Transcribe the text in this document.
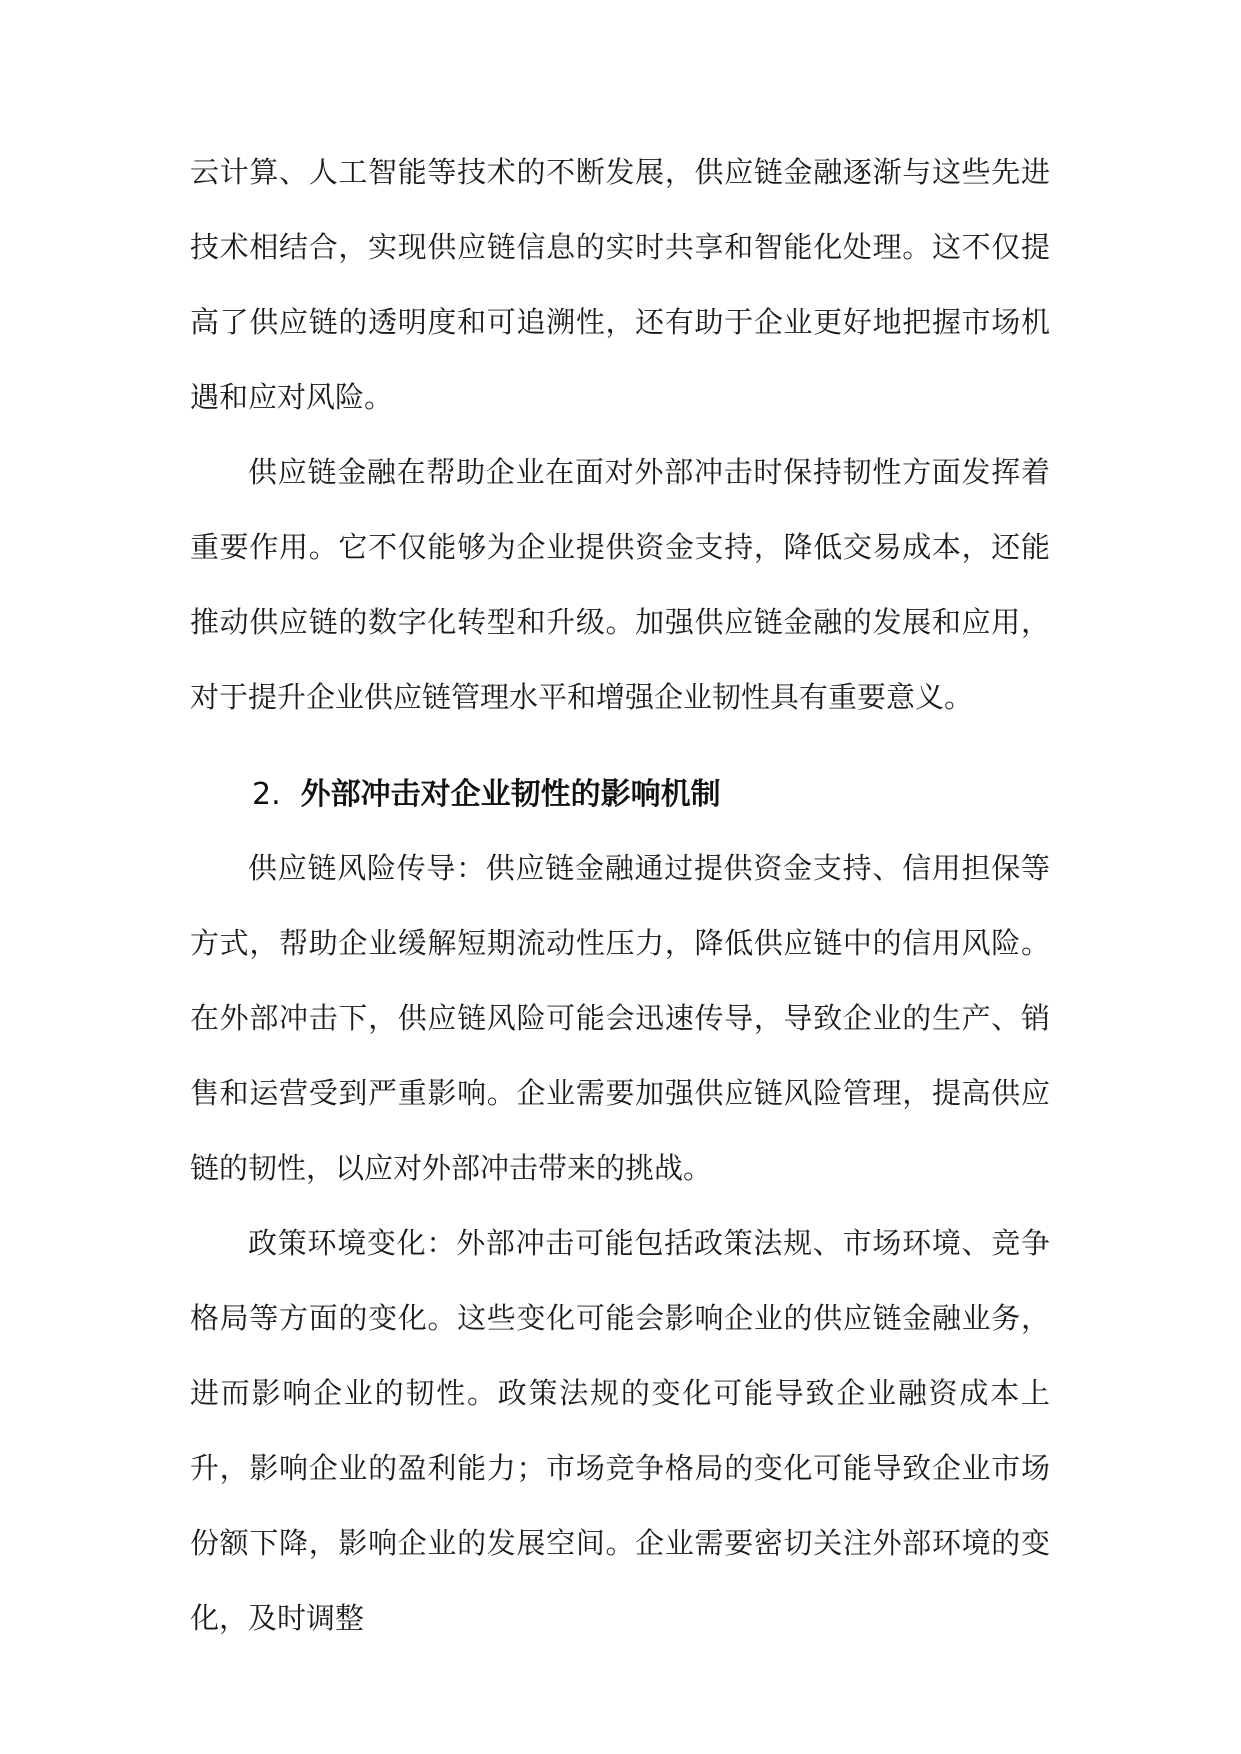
云计算、人工智能等技术的不断发展，供应链金融逐渐与这些先进技术相结合，实现供应链信息的实时共享和智能化处理。这不仅提高了供应链的透明度和可追溯性，还有助于企业更好地把握市场机遇和应对风险。

供应链金融在帮助企业在面对外部冲击时保持韧性方面发挥着重要作用。它不仅能够为企业提供资金支持，降低交易成本，还能推动供应链的数字化转型和升级。加强供应链金融的发展和应用，对于提升企业供应链管理水平和增强企业韧性具有重要意义。

2. 外部冲击对企业韧性的影响机制

供应链风险传导：供应链金融通过提供资金支持、信用担保等方式，帮助企业缓解短期流动性压力，降低供应链中的信用风险。在外部冲击下，供应链风险可能会迅速传导，导致企业的生产、销售和运营受到严重影响。企业需要加强供应链风险管理，提高供应链的韧性，以应对外部冲击带来的挑战。

政策环境变化：外部冲击可能包括政策法规、市场环境、竞争格局等方面的变化。这些变化可能会影响企业的供应链金融业务，进而影响企业的韧性。政策法规的变化可能导致企业融资成本上升，影响企业的盈利能力；市场竞争格局的变化可能导致企业市场份额下降，影响企业的发展空间。企业需要密切关注外部环境的变化，及时调整
